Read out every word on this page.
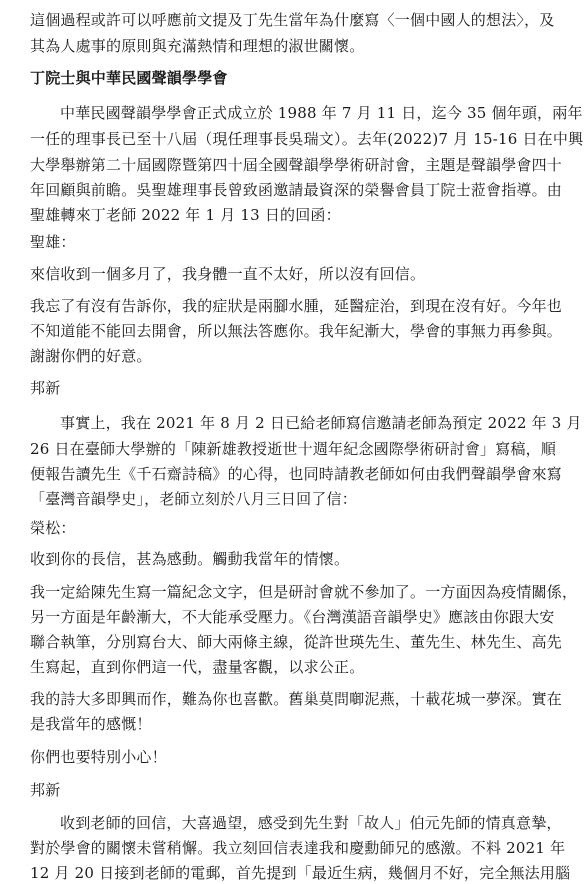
這個過程或許可以呼應前文提及丁先生當年為什麼寫〈一個中國人的想法〉，及
其為人處事的原則與充滿熱情和理想的淑世關懷。
丁院士與中華民國聲韻學學會
中華民國聲韻學學會正式成立於 1988 年 7 月 11 日，迄今 35 個年頭，兩年
一任的理事長已至十八屆（現任理事長吳瑞文）。去年(2022)7 月 15-16 日在中興
大學舉辦第二十屆國際暨第四十屆全國聲韻學學術研討會，主題是聲韻學會四十
年回顧與前瞻。吳聖雄理事長曾致函邀請最資深的榮譽會員丁院士蒞會指導。由
聖雄轉來丁老師 2022 年 1 月 13 日的回函：
聖雄：
來信收到一個多月了，我身體一直不太好，所以沒有回信。
我忘了有沒有告訴你，我的症狀是兩腳水腫，延醫症治，到現在沒有好。今年也
不知道能不能回去開會，所以無法答應你。我年紀漸大，學會的事無力再參與。
謝謝你們的好意。
邦新
事實上，我在 2021 年 8 月 2 日已給老師寫信邀請老師為預定 2022 年 3 月
26 日在臺師大學辦的「陳新雄教授逝世十週年紀念國際學術研討會」寫稿，順
便報告讀先生《千石齋詩稿》的心得，也同時請教老師如何由我們聲韻學會來寫
「臺灣音韻學史」，老師立刻於八月三日回了信：
榮松：
收到你的長信，甚為感動。觸動我當年的情懷。
我一定給陳先生寫一篇紀念文字，但是研討會就不參加了。一方面因為疫情關係，
另一方面是年齡漸大，不大能承受壓力。《台灣漢語音韻學史》應該由你跟大安
聯合執筆，分別寫台大、師大兩條主線，從許世瑛先生、董先生、林先生、高先
生寫起，直到你們這一代，盡量客觀，以求公正。
我的詩大多即興而作，難為你也喜歡。舊巢莫問啣泥燕，十載花城一夢深。實在
是我當年的感慨！
你們也要特別小心！
邦新
收到老師的回信，大喜過望，感受到先生對「故人」伯元先師的情真意摯，
對於學會的關懷未嘗稍懈。我立刻回信表達我和慶勳師兄的感激。不料 2021 年
12 月 20 日接到老師的電郵，首先提到「最近生病，幾個月不好，完全無法用腦
